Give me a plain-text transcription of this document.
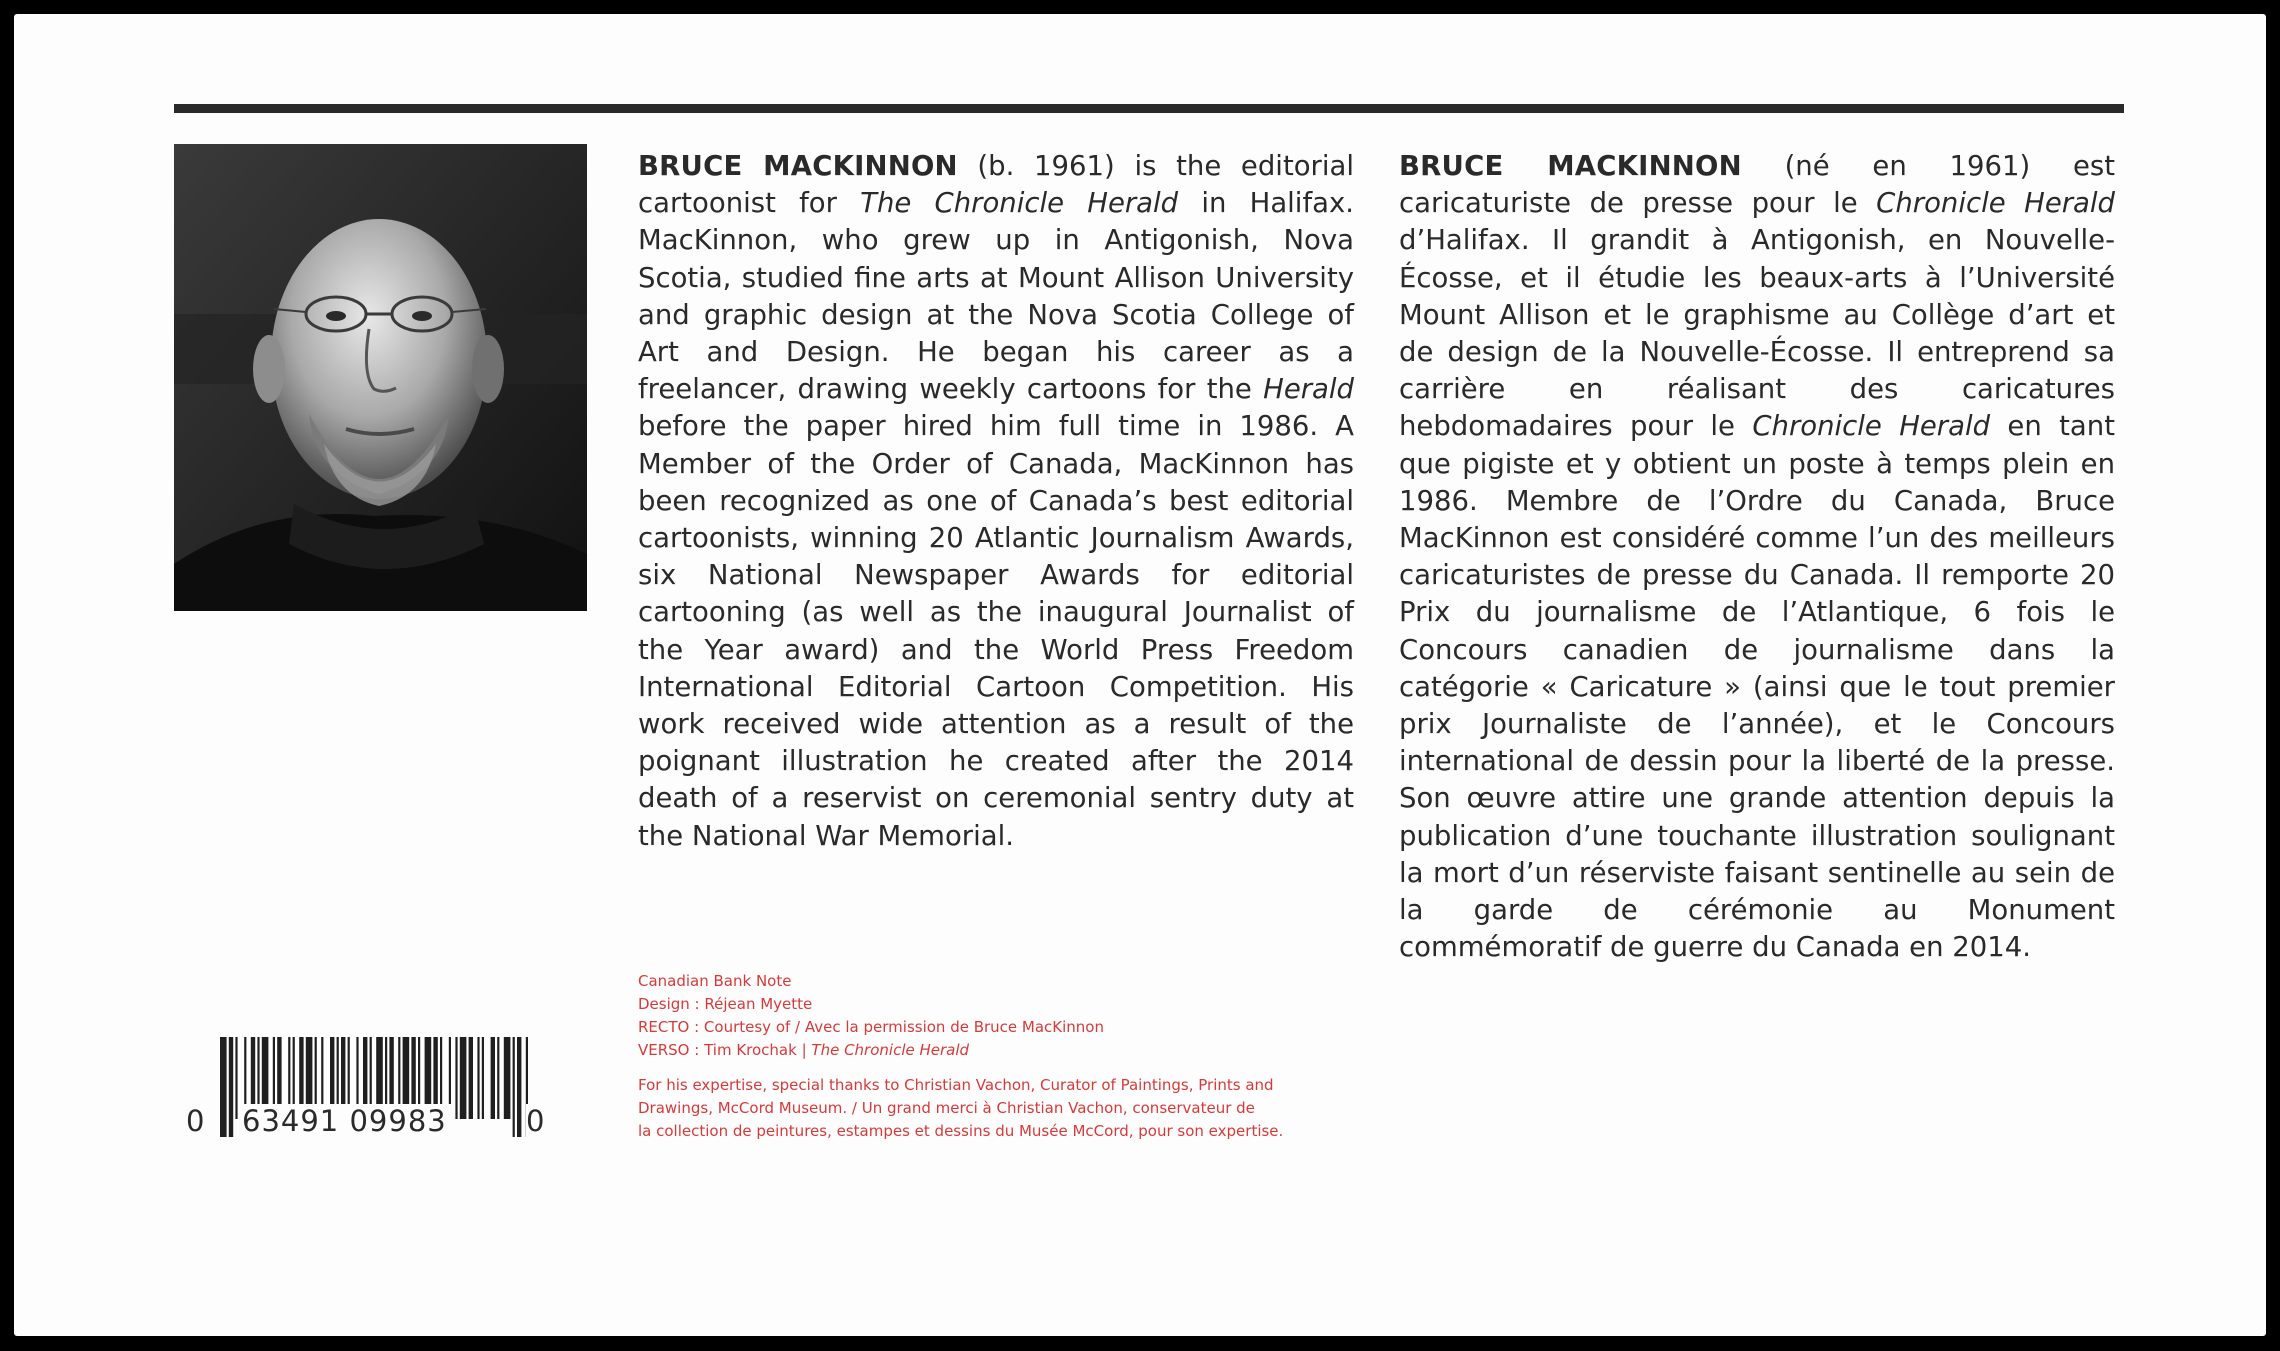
BRUCE MACKINNON (b. 1961) is the editorial cartoonist for The Chronicle Herald in Halifax. MacKinnon, who grew up in Antigonish, Nova Scotia, studied fine arts at Mount Allison University and graphic design at the Nova Scotia College of Art and Design. He began his career as a freelancer, drawing weekly cartoons for the Herald before the paper hired him full time in 1986. A Member of the Order of Canada, MacKinnon has been recognized as one of Canada’s best editorial cartoonists, winning 20 Atlantic Journalism Awards, six National Newspaper Awards for editorial cartooning (as well as the inaugural Journalist of the Year award) and the World Press Freedom International Editorial Cartoon Competition. His work received wide attention as a result of the poignant illustration he created after the 2014 death of a reservist on ceremonial sentry duty at the National War Memorial.

BRUCE MACKINNON (né en 1961) est caricaturiste de presse pour le Chronicle Herald d’Halifax. Il grandit à Antigonish, en Nouvelle-Écosse, et il étudie les beaux-arts à l’Université Mount Allison et le graphisme au Collège d’art et de design de la Nouvelle-Écosse. Il entreprend sa carrière en réalisant des caricatures hebdomadaires pour le Chronicle Herald en tant que pigiste et y obtient un poste à temps plein en 1986. Membre de l’Ordre du Canada, Bruce MacKinnon est considéré comme l’un des meilleurs caricaturistes de presse du Canada. Il remporte 20 Prix du journalisme de l’Atlantique, 6 fois le Concours canadien de journalisme dans la catégorie « Caricature » (ainsi que le tout premier prix Journaliste de l’année), et le Concours international de dessin pour la liberté de la presse. Son œuvre attire une grande attention depuis la publication d’une touchante illustration soulignant la mort d’un réserviste faisant sentinelle au sein de la garde de cérémonie au Monument commémoratif de guerre du Canada en 2014.

Canadian Bank Note
Design : Réjean Myette
RECTO : Courtesy of / Avec la permission de Bruce MacKinnon
VERSO : Tim Krochak | The Chronicle Herald
For his expertise, special thanks to Christian Vachon, Curator of Paintings, Prints and
Drawings, McCord Museum. / Un grand merci à Christian Vachon, conservateur de
la collection de peintures, estampes et dessins du Musée McCord, pour son expertise.
0 63491 09983	0
